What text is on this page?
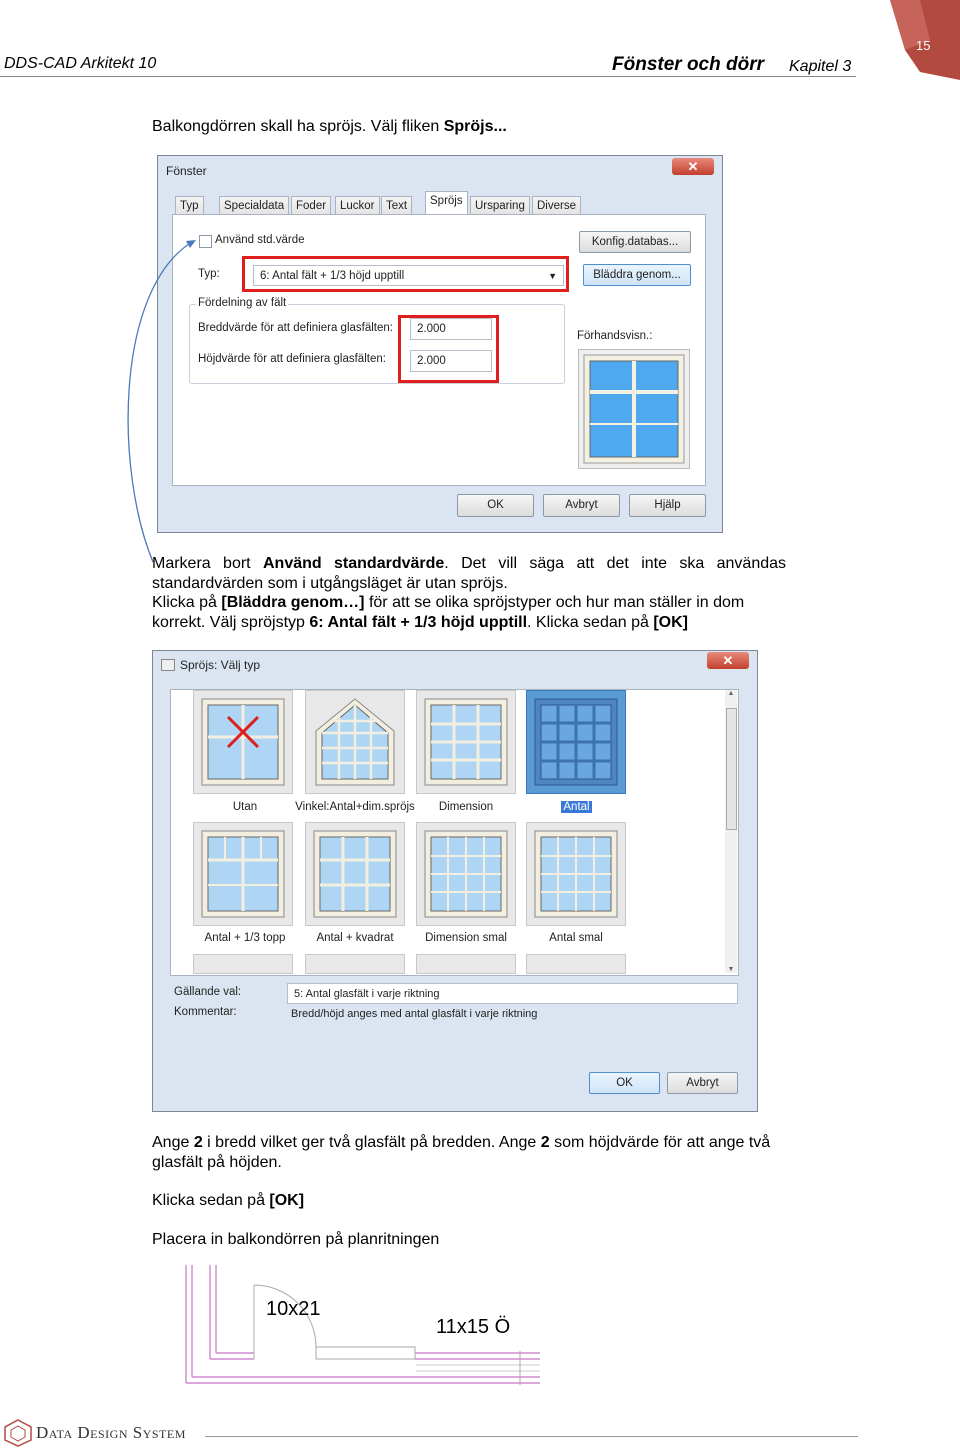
15
DDS-CAD Arkitekt 10	Fönster och dörr Kapitel 3
Balkongdörren skall ha spröjs. Välj fliken Spröjs...
Fönster	✕
Typ	Specialdata	Foder	Luckor Text	Spröjs	Ursparing	Diverse
Använd std.värde	Konfig.databas...
Typ:	6: Antal fält + 1/3 höjd upptill	▼	Bläddra genom...
Fördelning av fält
Breddvärde för att definiera glasfälten:	2.000
Höjdvärde för att definiera glasfälten:	2.000
Förhandsvisn.:
OK	Avbryt	Hjälp
Markera bort Använd standardvärde. Det vill säga att det inte ska användas standardvärden som i utgångsläget är utan spröjs.
Klicka på [Bläddra genom…] för att se olika spröjstyper och hur man ställer in dom korrekt. Välj spröjstyp 6: Antal fält + 1/3 höjd upptill. Klicka sedan på [OK]
Spröjs: Välj typ	✕
▲
▼
Utan	Vinkel:Antal+dim.spröjs	Dimension	Antal
Antal + 1/3 topp	Antal + kvadrat	Dimension smal	Antal smal
Gällande val:	5: Antal glasfält i varje riktning
Kommentar:	Bredd/höjd anges med antal glasfält i varje riktning
OK	Avbryt
Ange 2 i bredd vilket ger två glasfält på bredden. Ange 2 som höjdvärde för att ange två glasfält på höjden.
Klicka sedan på [OK]
Placera in balkondörren på planritningen
10x21
11x15 Ö
Data Design System
